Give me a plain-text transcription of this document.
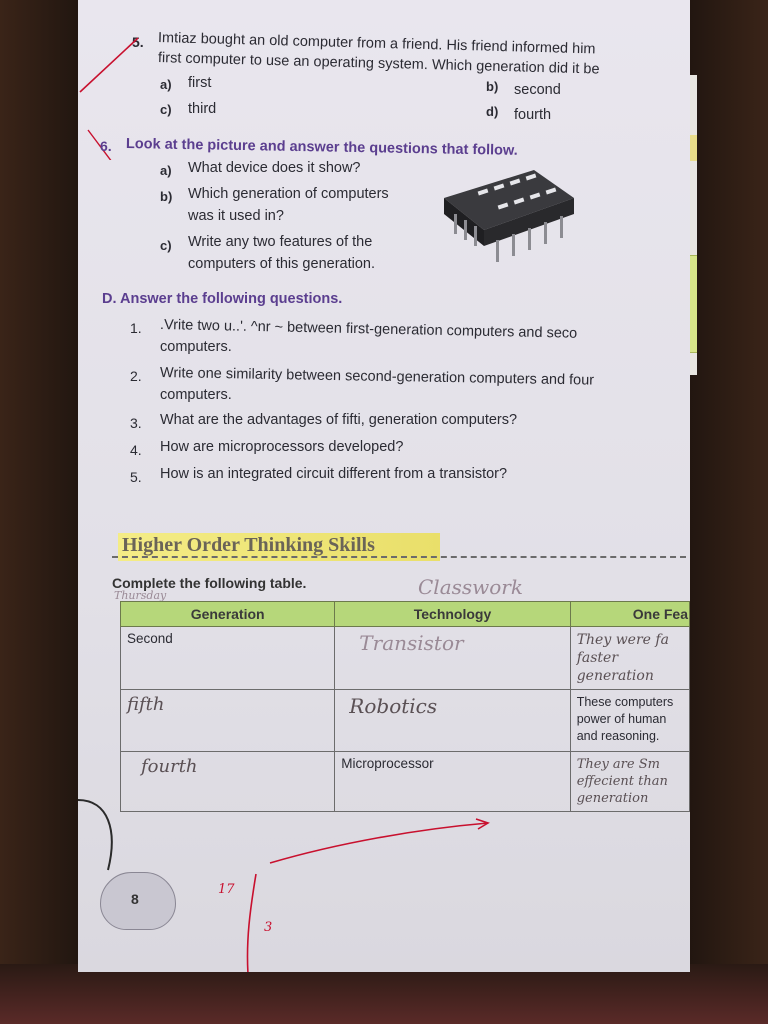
5. Imtiaz bought an old computer from a friend. His friend informed him
first computer to use an operating system. Which generation did it be
a) first	b) second
c) third	d) fourth
6. Look at the picture and answer the questions that follow.
a) What device does it show?
b) Which generation of computers
was it used in?
c) Write any two features of the
computers of this generation.
D. Answer the following questions.
1. .Vrite two u..'. ^nr ~ between first-generation computers and seco
computers.
2. Write one similarity between second-generation computers and four
computers.
3. What are the advantages of fifti, generation computers?
4. How are microprocessors developed?
5. How is an integrated circuit different from a transistor?
Higher Order Thinking Skills
Complete the following table.	Classwork
Thursday
Generation	Technology	One Fea
Second	Transistor	They were fa faster generation
fifth	Robotics	These computers power of human and reasoning.
fourth	Microprocessor	They are Sm effecient than generation
17
3
8
